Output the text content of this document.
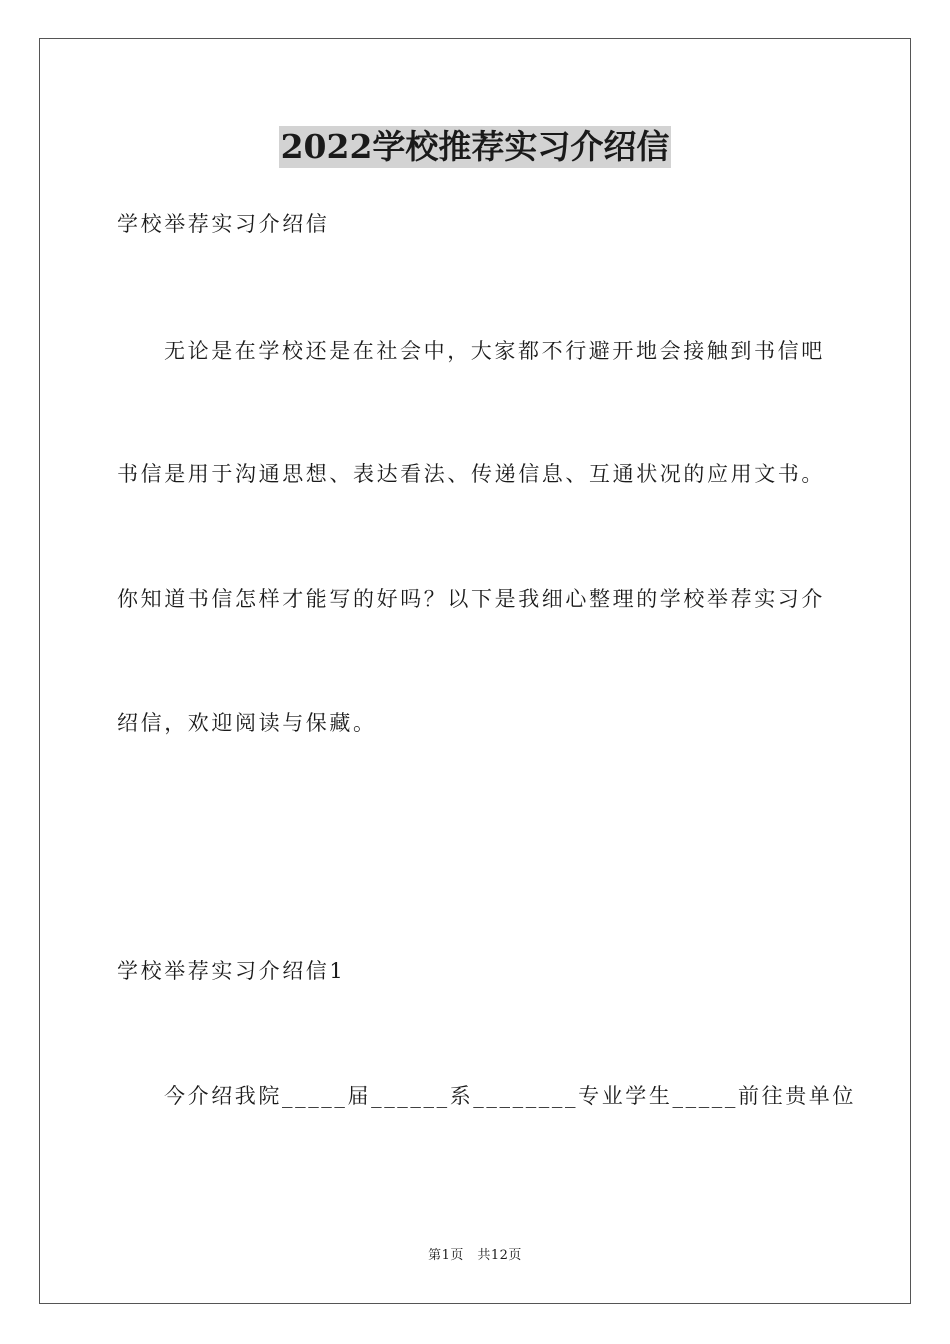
2022学校推荐实习介绍信
学校举荐实习介绍信
无论是在学校还是在社会中，大家都不行避开地会接触到书信吧
书信是用于沟通思想、表达看法、传递信息、互通状况的应用文书。
你知道书信怎样才能写的好吗？以下是我细心整理的学校举荐实习介
绍信，欢迎阅读与保藏。
学校举荐实习介绍信1
今介绍我院_____届______系________专业学生_____前往贵单位
第1页　共12页
